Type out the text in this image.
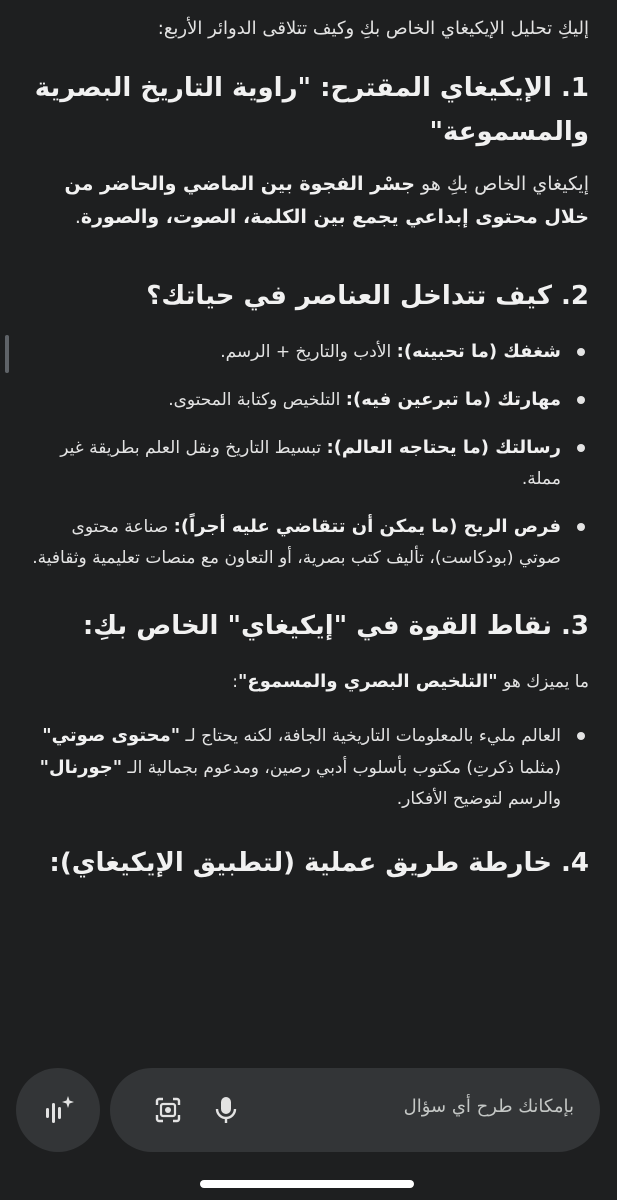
إليكِ تحليل الإيكيغاي الخاص بكِ وكيف تتلاقى الدوائر الأربع:

1. الإيكيغاي المقترح: "راوية التاريخ البصرية
والمسموعة"

إيكيغاي الخاص بكِ هو جسْر الفجوة بين الماضي والحاضر من خلال محتوى إبداعي يجمع بين الكلمة، الصوت، والصورة.

2. كيف تتداخل العناصر في حياتك؟
شغفك (ما تحبينه): الأدب والتاريخ + الرسم.
مهارتك (ما تبرعين فيه): التلخيص وكتابة المحتوى.
رسالتك (ما يحتاجه العالم): تبسيط التاريخ ونقل العلم بطريقة غير مملة.
فرص الربح (ما يمكن أن تتقاضي عليه أجراً): صناعة محتوى صوتي (بودكاست)، تأليف كتب بصرية، أو التعاون مع منصات تعليمية وثقافية.
3. نقاط القوة في "إيكيغاي" الخاص بكِ:

ما يميزك هو "التلخيص البصري والمسموع":

العالم مليء بالمعلومات التاريخية الجافة، لكنه يحتاج لـ "محتوى صوتي" (مثلما ذكرتِ) مكتوب بأسلوب أدبي رصين، ومدعوم بجمالية الـ "جورنال" والرسم لتوضيح الأفكار.
4. خارطة طريق عملية (لتطبيق الإيكيغاي):
بإمكانك طرح أي سؤال
